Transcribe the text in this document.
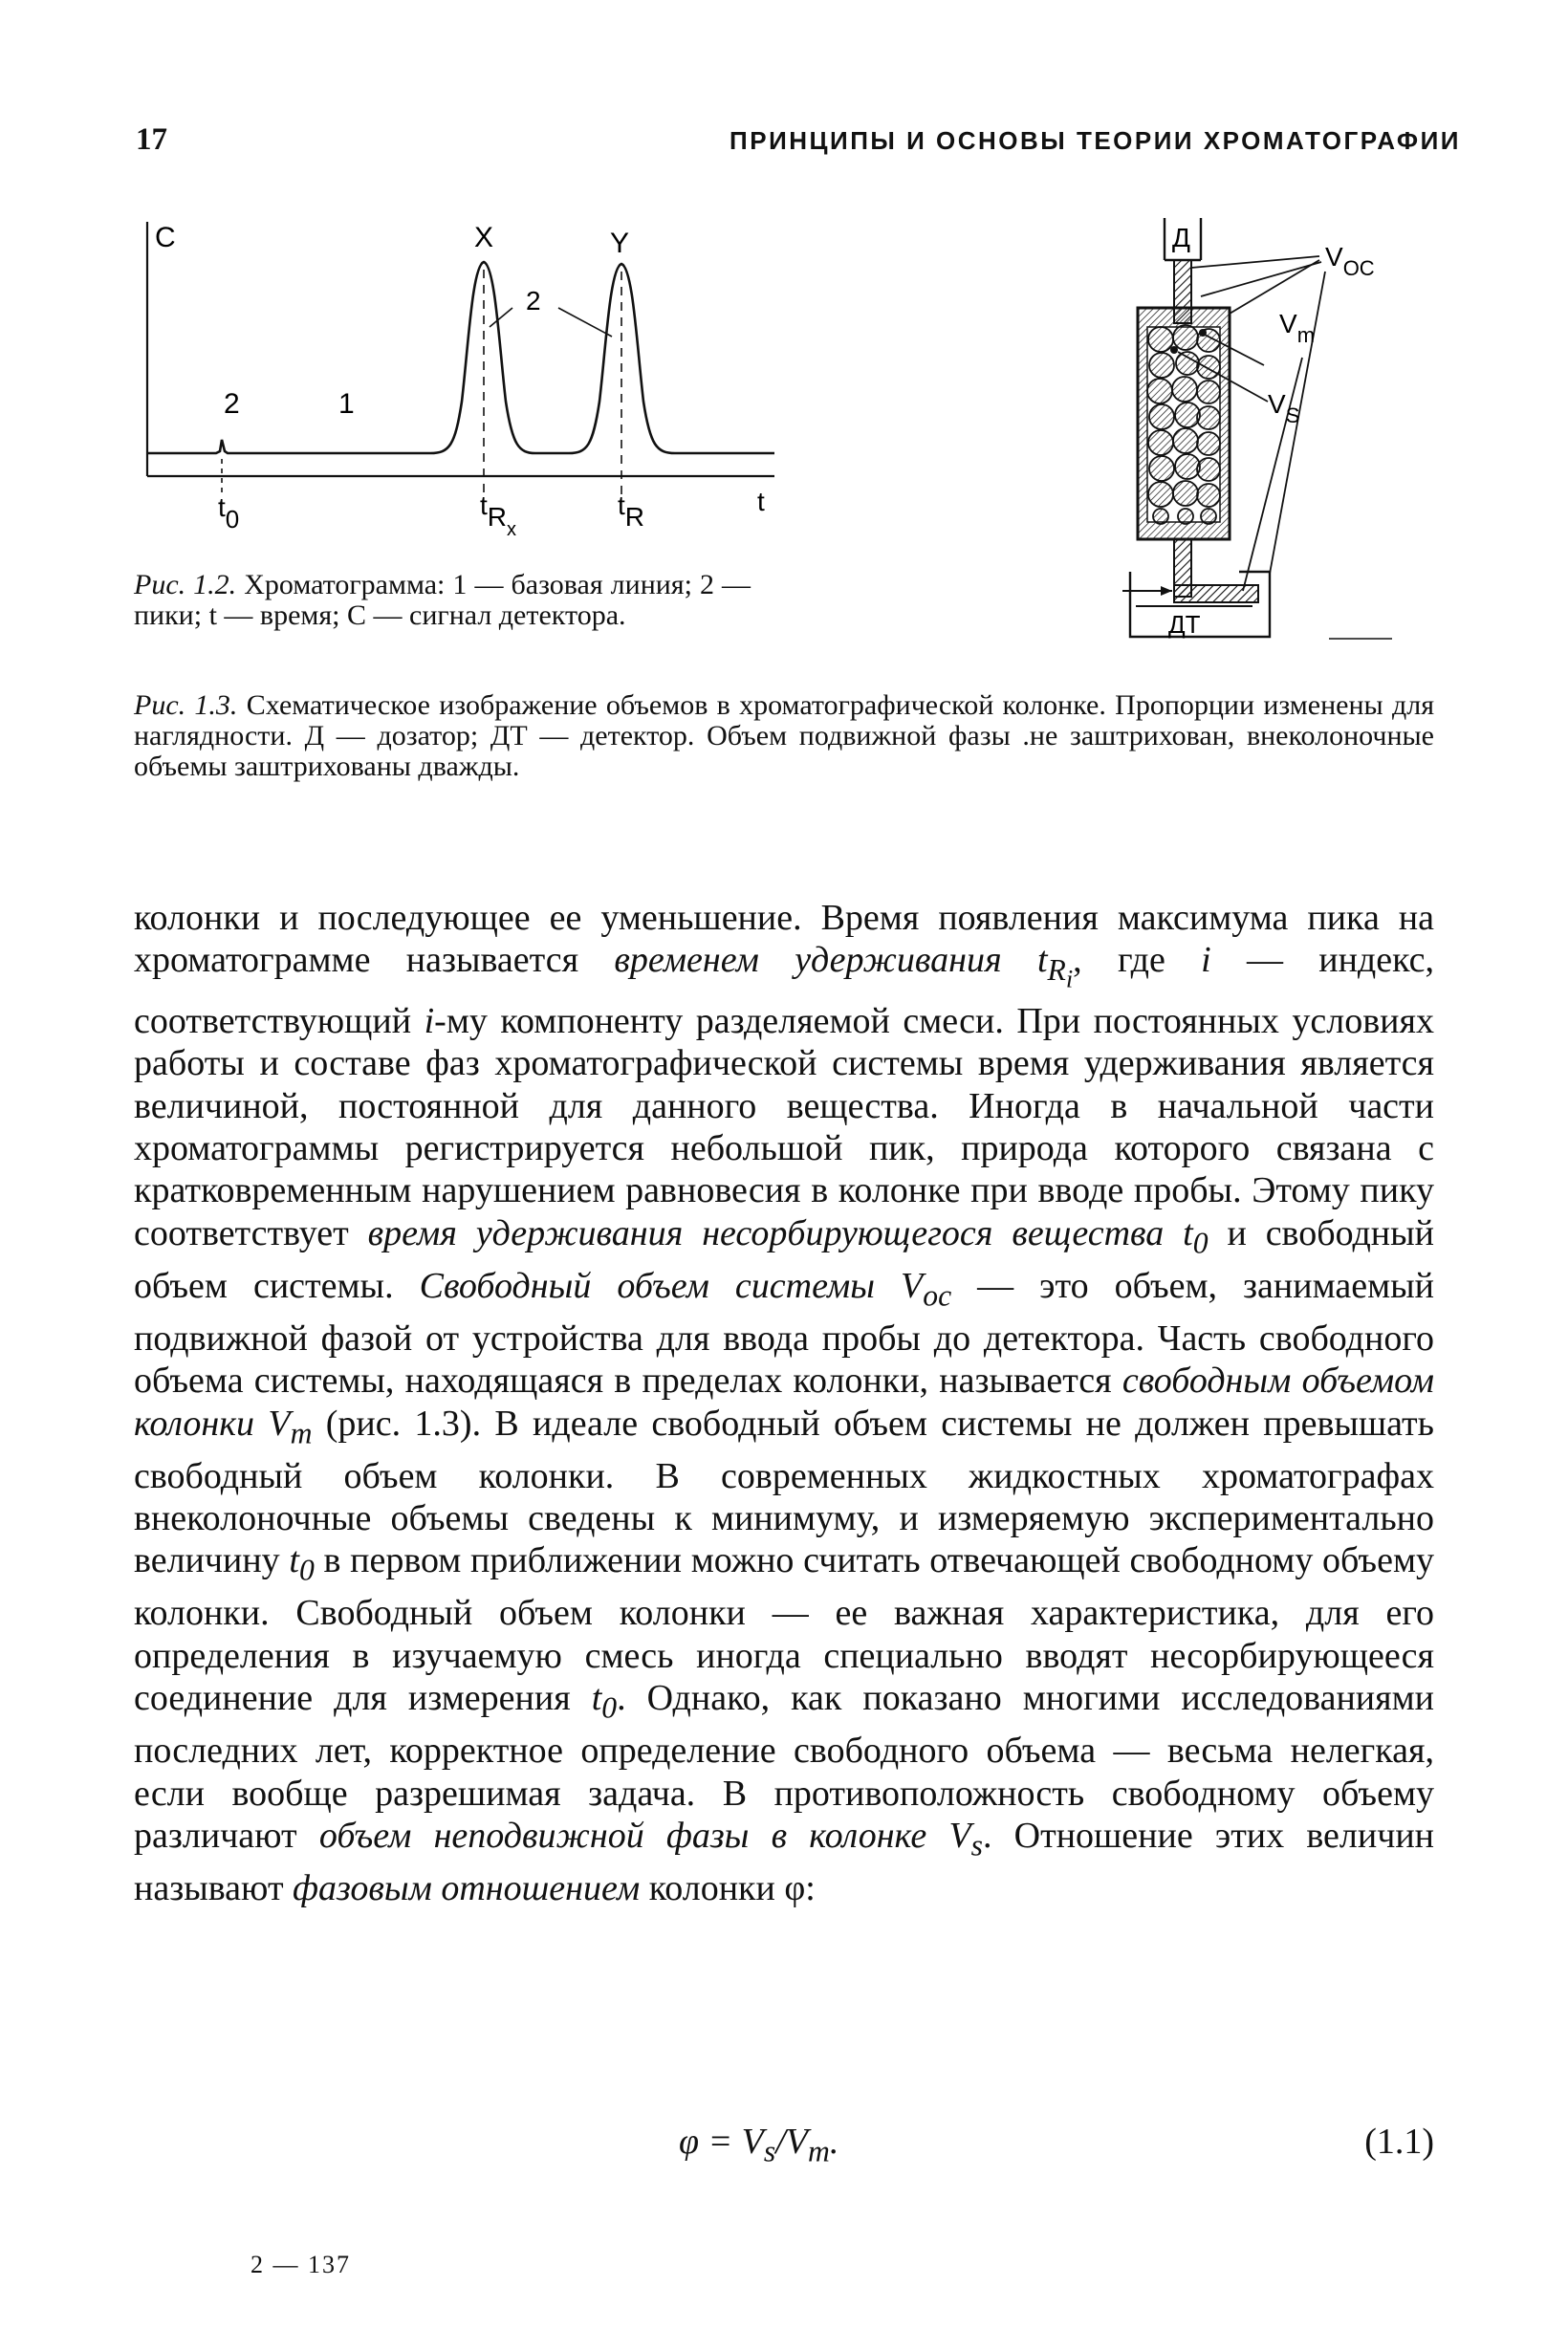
17	ПРИНЦИПЫ И ОСНОВЫ ТЕОРИИ ХРОМАТОГРАФИИ
C	X	Y
2
2	1
t0	$tR_x$
tR
t
Д
ДТ
$V_{OC}$
$V_m$
$V_S$
Рис. 1.2. Хроматограмма: 1 — базовая линия; 2 — пики; t — время; C — сигнал детектора.
Рис. 1.3. Схематическое изображение объемов в хроматографической колонке. Пропорции изменены для наглядности. Д — дозатор; ДТ — детектор. Объем подвижной фазы .не заштрихован, внеколоночные объемы заштрихованы дважды.
колонки и последующее ее уменьшение. Время появления максимума пика на хроматограмме называется временем удерживания $t_{R_i}$, где i — индекс, соответствующий i-му компоненту разделяемой смеси. При постоянных условиях работы и составе фаз хроматографической системы время удерживания является величиной, постоянной для данного вещества. Иногда в начальной части хроматограммы регистрируется небольшой пик, природа которого связана с кратковременным нарушением равновесия в колонке при вводе пробы. Этому пику соответствует время удерживания несорбирующегося вещества $t_0$ и свободный объем системы. Свободный объем системы $V_{ос}$ — это объем, занимаемый подвижной фазой от устройства для ввода пробы до детектора. Часть свободного объема системы, находящаяся в пределах колонки, называется свободным объемом колонки $V_m$ (рис. 1.3). В идеале свободный объем системы не должен превышать свободный объем колонки. В современных жидкостных хроматографах внеколоночные объемы сведены к минимуму, и измеряемую экспериментально величину $t_0$ в первом приближении можно считать отвечающей свободному объему колонки. Свободный объем колонки — ее важная характеристика, для его определения в изучаемую смесь иногда специально вводят несорбирующееся соединение для измерения $t_0$. Однако, как показано многими исследованиями последних лет, корректное определение свободного объема — весьма нелегкая, если вообще разрешимая задача. В противоположность свободному объему различают объем неподвижной фазы в колонке $V_s$. Отношение этих величин называют фазовым отношением колонки φ:
$\varphi = V_s/V_m$.	(1.1)
2 — 137
